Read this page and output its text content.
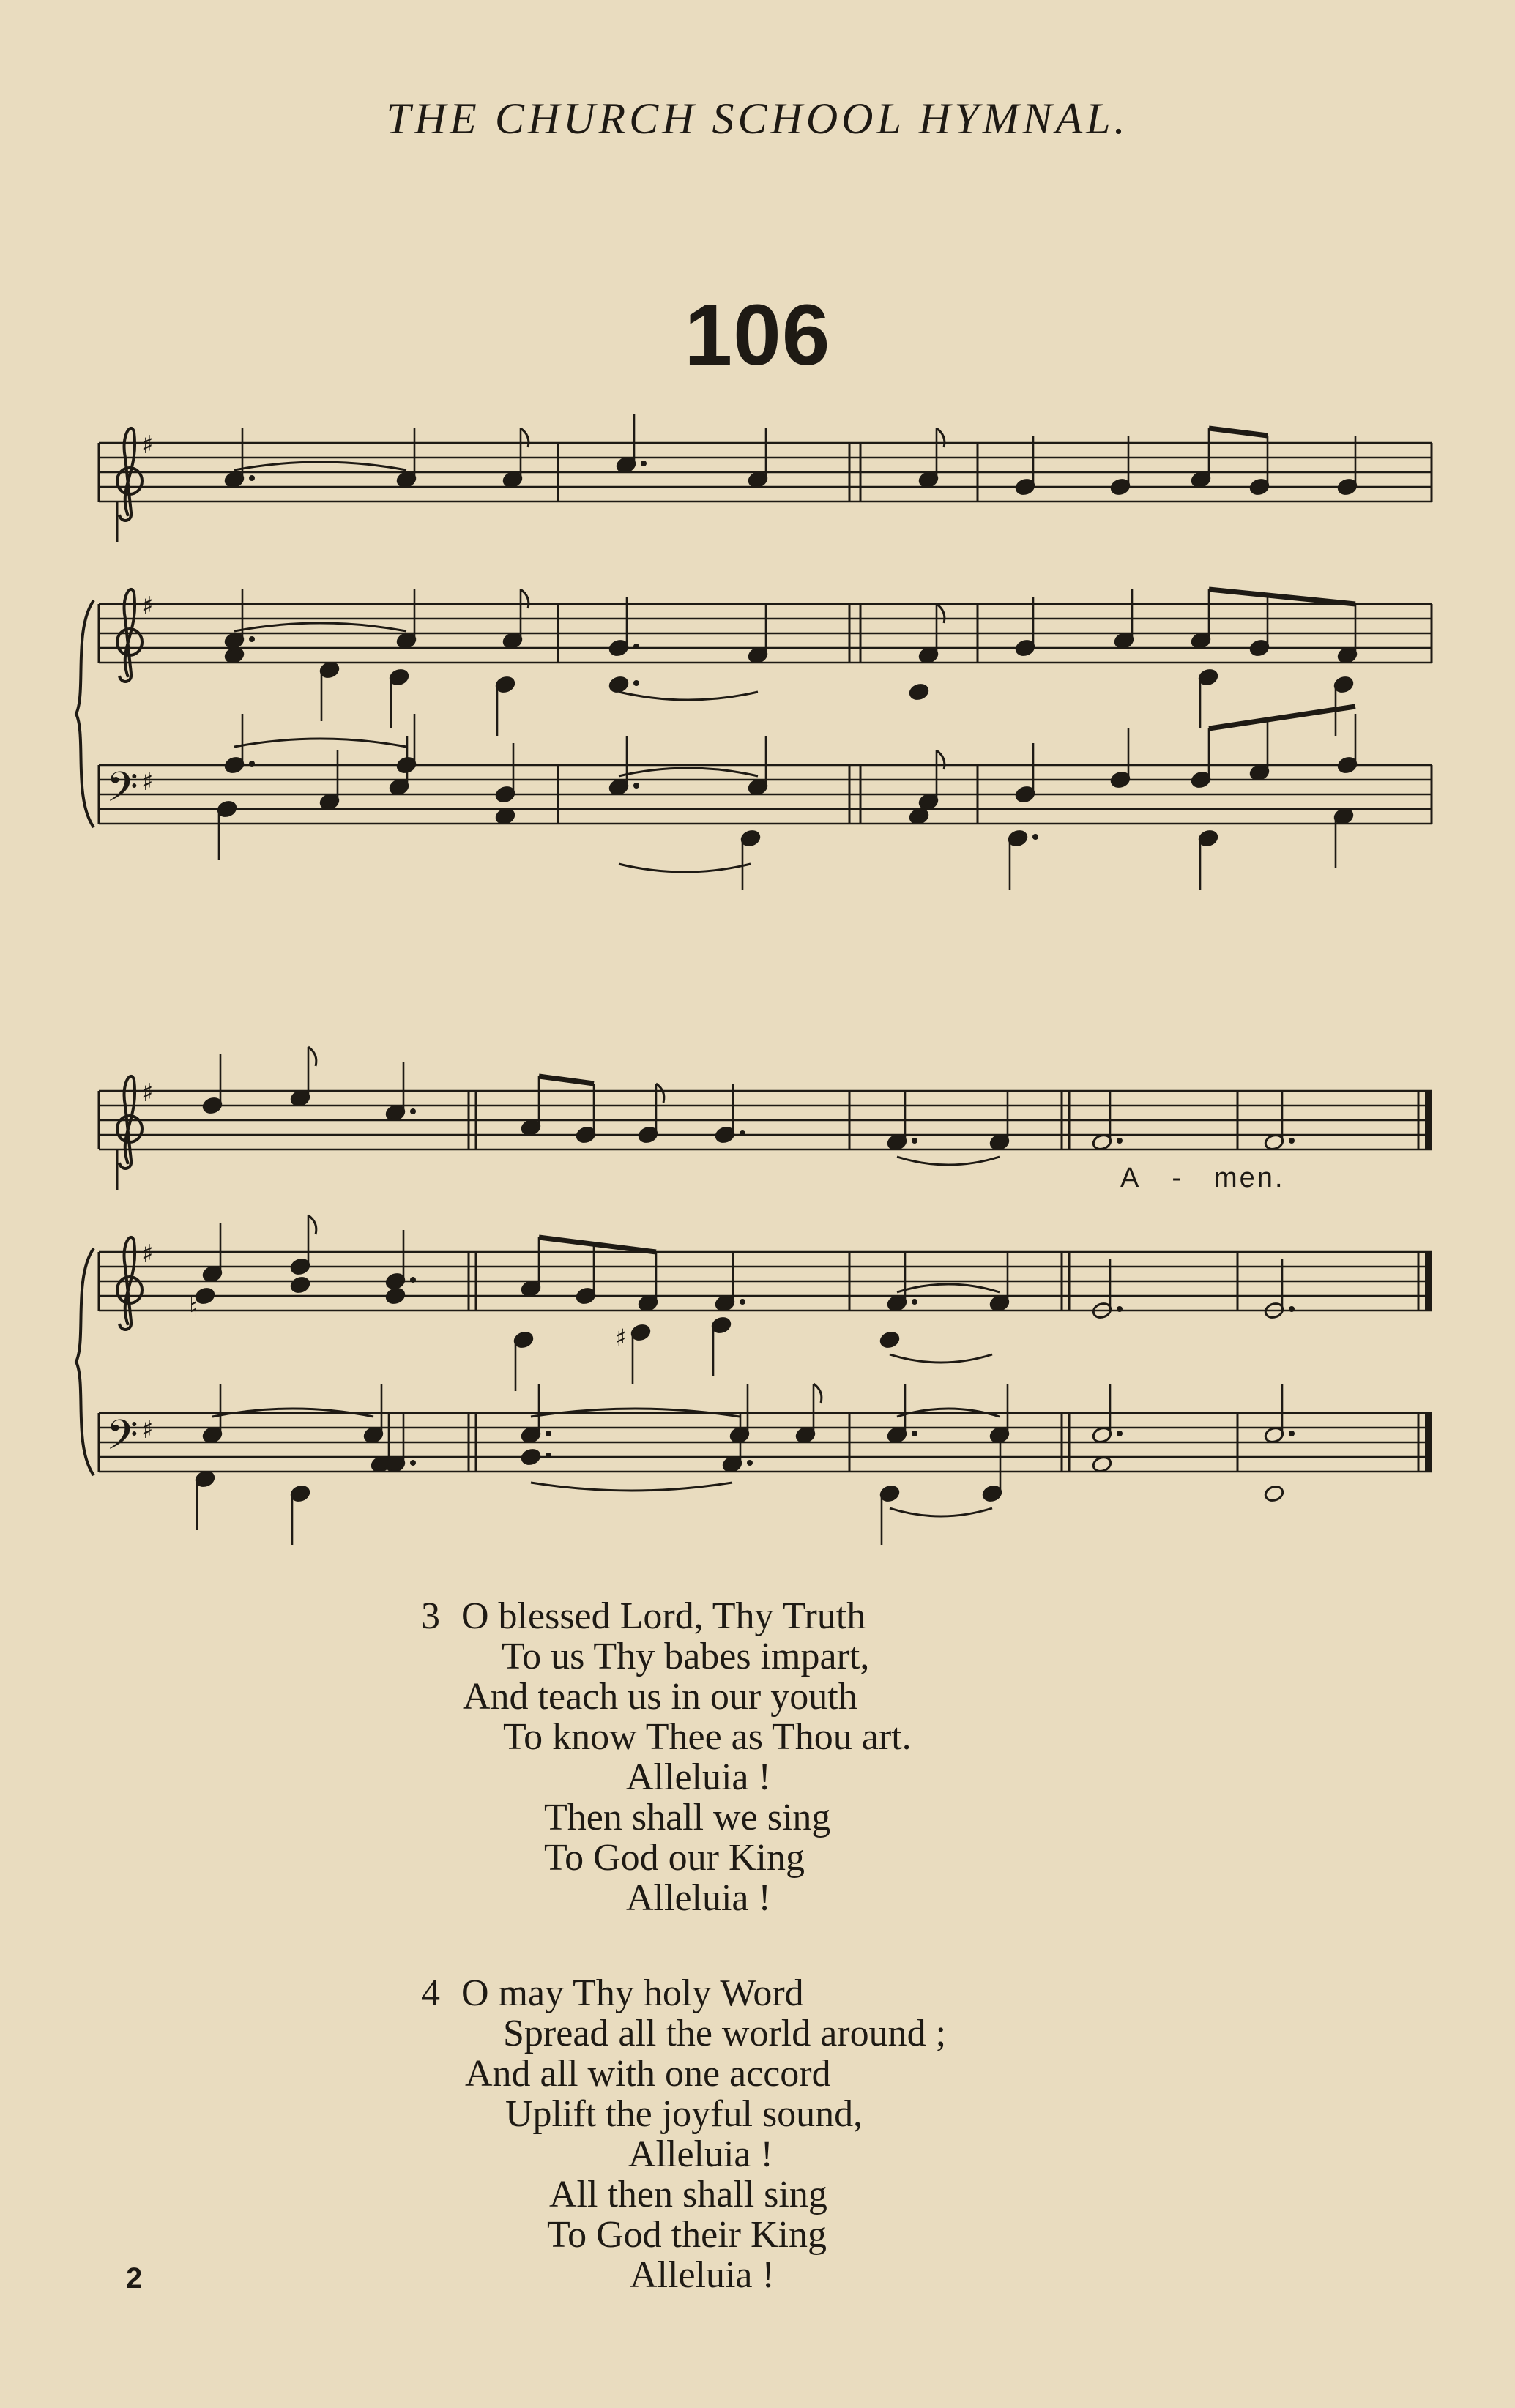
THE CHURCH SCHOOL HYMNAL.
106
♯
♯
𝄢 ♯
♯
♯
𝄢 ♯
♮
♯
A - men.
3 O blessed Lord, Thy Truth
To us Thy babes impart,
And teach us in our youth
To know Thee as Thou art.
Alleluia !
Then shall we sing
To God our King
Alleluia !
4 O may Thy holy Word
Spread all the world around ;
And all with one accord
Uplift the joyful sound,
Alleluia !
All then shall sing
To God their King
Alleluia !
2
